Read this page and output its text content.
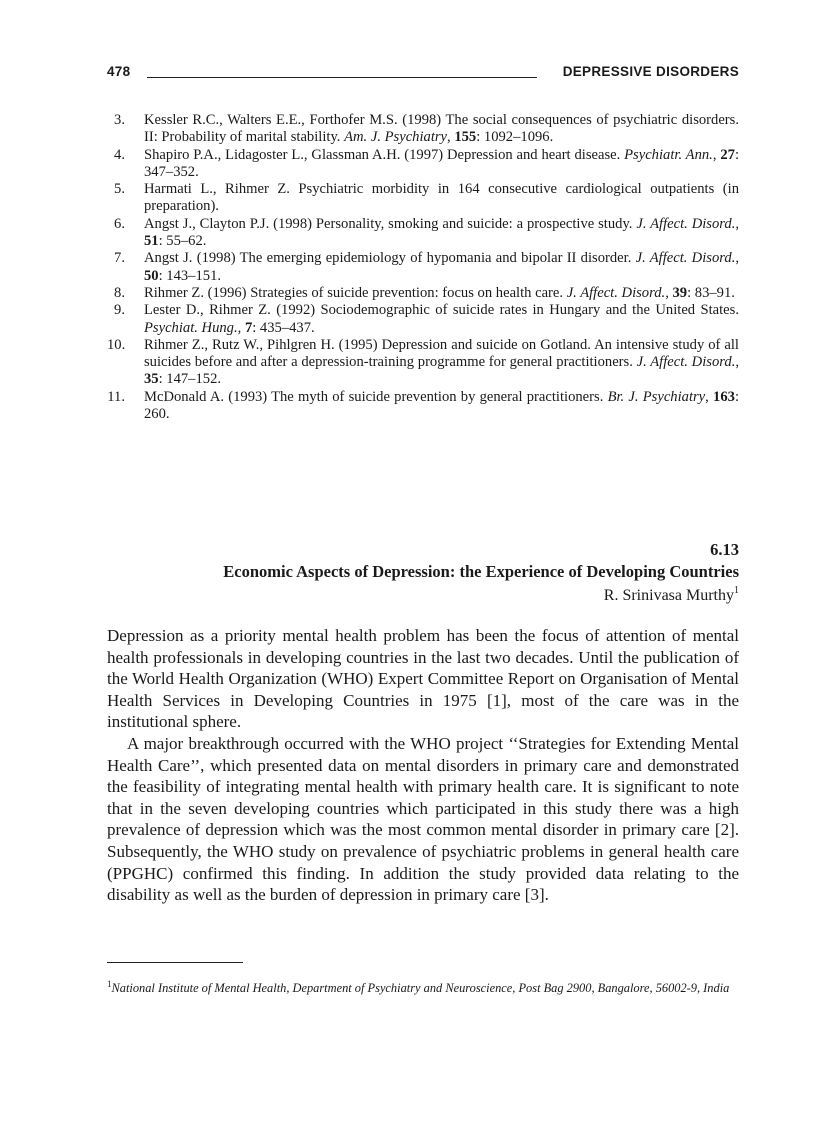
478	DEPRESSIVE DISORDERS
3. Kessler R.C., Walters E.E., Forthofer M.S. (1998) The social consequences of psychiatric disorders. II: Probability of marital stability. Am. J. Psychiatry, 155: 1092–1096.
4. Shapiro P.A., Lidagoster L., Glassman A.H. (1997) Depression and heart disease. Psychiatr. Ann., 27: 347–352.
5. Harmati L., Rihmer Z. Psychiatric morbidity in 164 consecutive cardiological outpatients (in preparation).
6. Angst J., Clayton P.J. (1998) Personality, smoking and suicide: a prospective study. J. Affect. Disord., 51: 55–62.
7. Angst J. (1998) The emerging epidemiology of hypomania and bipolar II disorder. J. Affect. Disord., 50: 143–151.
8. Rihmer Z. (1996) Strategies of suicide prevention: focus on health care. J. Affect. Disord., 39: 83–91.
9. Lester D., Rihmer Z. (1992) Sociodemographic of suicide rates in Hungary and the United States. Psychiat. Hung., 7: 435–437.
10. Rihmer Z., Rutz W., Pihlgren H. (1995) Depression and suicide on Gotland. An intensive study of all suicides before and after a depression-training programme for general practitioners. J. Affect. Disord., 35: 147–152.
11. McDonald A. (1993) The myth of suicide prevention by general practitioners. Br. J. Psychiatry, 163: 260.
6.13
Economic Aspects of Depression: the Experience of Developing Countries
R. Srinivasa Murthy$^1$

Depression as a priority mental health problem has been the focus of attention of mental health professionals in developing countries in the last two decades. Until the publication of the World Health Organization (WHO) Expert Committee Report on Organisation of Mental Health Services in Developing Countries in 1975 [1], most of the care was in the institutional sphere.

A major breakthrough occurred with the WHO project ‘‘Strategies for Extending Mental Health Care’’, which presented data on mental disorders in primary care and demonstrated the feasibility of integrating mental health with primary health care. It is significant to note that in the seven developing countries which participated in this study there was a high prevalence of depression which was the most common mental disorder in primary care [2]. Subsequently, the WHO study on prevalence of psychiatric problems in general health care (PPGHC) confirmed this finding. In addition the study provided data relating to the disability as well as the burden of depression in primary care [3].

$^1$National Institute of Mental Health, Department of Psychiatry and Neuroscience, Post Bag 2900, Bangalore, 56002-9, India
